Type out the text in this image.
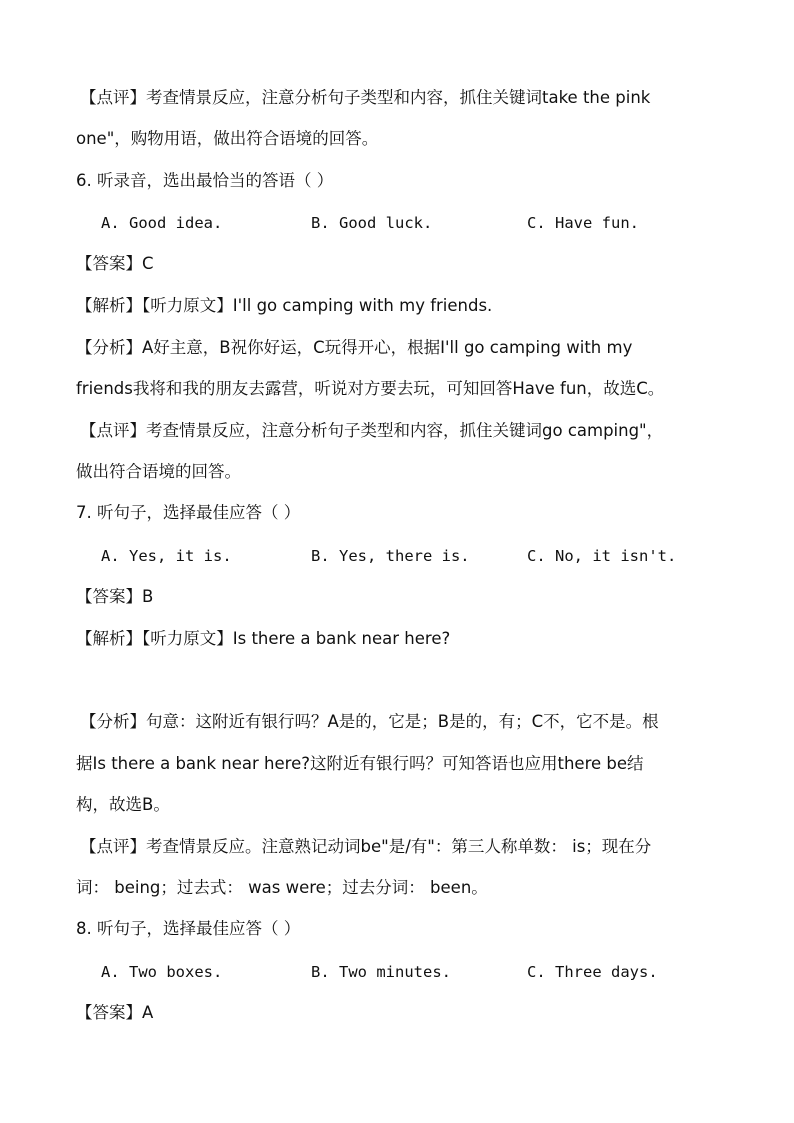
【点评】考查情景反应，注意分析句子类型和内容，抓住关键词take the pink
one"，购物用语，做出符合语境的回答。
6. 听录音，选出最恰当的答语（ ）
A. Good idea.	B. Good luck.	C. Have fun.
【答案】C
【解析】【听力原文】I'll go camping with my friends.
【分析】A好主意，B祝你好运，C玩得开心，根据I'll go camping with my
friends我将和我的朋友去露营，听说对方要去玩，可知回答Have fun，故选C。
【点评】考查情景反应，注意分析句子类型和内容，抓住关键词go camping"，
做出符合语境的回答。
7. 听句子，选择最佳应答（ ）
A. Yes, it is.	B. Yes, there is.	C. No, it isn't.
【答案】B
【解析】【听力原文】Is there a bank near here?
【分析】句意：这附近有银行吗？A是的，它是；B是的，有；C不，它不是。根
据Is there a bank near here?这附近有银行吗？可知答语也应用there be结
构，故选B。
【点评】考查情景反应。注意熟记动词be"是/有"：第三人称单数： is；现在分
词： being；过去式： was were；过去分词： been。
8. 听句子，选择最佳应答（ ）
A. Two boxes.	B. Two minutes.	C. Three days.
【答案】A
